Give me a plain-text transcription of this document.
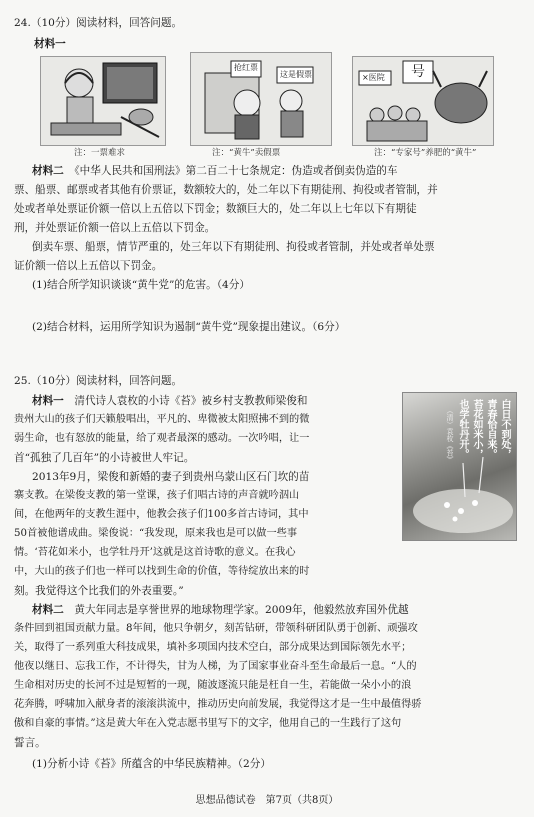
24.（10分）阅读材料，回答问题。
材料一
注：一票难求
抢红票
这是假票
注：“黄牛”卖假票
×医院 号
注：“专家号”养肥的“黄牛”
材料二　 《中华人民共和国刑法》第二百二十七条规定：伪造或者倒卖伪造的车
票、船票、邮票或者其他有价票证，数额较大的，处二年以下有期徒刑、拘役或者管制，并
处或者单处票证价额一倍以上五倍以下罚金；数额巨大的，处二年以上七年以下有期徒
刑，并处票证价额一倍以上五倍以下罚金。
倒卖车票、船票，情节严重的，处三年以下有期徒刑、拘役或者管制，并处或者单处票
证价额一倍以上五倍以下罚金。
(1)结合所学知识谈谈“黄牛党”的危害。（4分）
(2)结合材料，运用所学知识为遏制“黄牛党”现象提出建议。（6分）
25.（10分）阅读材料，回答问题。
材料一　 清代诗人袁枚的小诗《苔》被乡村支教教师梁俊和
贵州大山的孩子们天籁般唱出，平凡的、卑微被太阳照拂不到的微
弱生命，也有怒放的能量，给了观者最深的感动。一次吟唱，让一
首“孤独了几百年”的小诗被世人牢记。
2013年9月，梁俊和新婚的妻子到贵州乌蒙山区石门坎的苗
寨支教。在梁俊支教的第一堂课，孩子们唱古诗的声音就吟泅山
间，在他两年的支教生涯中，他教会孩子们100多首古诗词，其中
50首被他谱成曲。梁俊说：“我发现，原来我也是可以做一些事
情。‘苔花如米小，也学牡丹开’这就是这首诗歌的意义。在我心
中，大山的孩子们也一样可以找到生命的价值，等待绽放出来的时
刻。我觉得这个比我们的外表重要。”
白日不到处，
青春恰自来。
苔花如米小，
也学牡丹开。
（清）袁枚《苔》
材料二　 黄大年同志是享誉世界的地球物理学家。2009年，他毅然放弃国外优越
条件回到祖国贡献力量。8年间，他只争朝夕，刻苦钻研，带领科研团队勇于创新、顽强攻
关，取得了一系列重大科技成果，填补多项国内技术空白，部分成果达到国际领先水平；
他夜以继日、忘我工作，不计得失，甘为人梯，为了国家事业奋斗至生命最后一息。“人的
生命相对历史的长河不过是短暂的一现，随波逐流只能是枉自一生，若能做一朵小小的浪
花奔腾，呼啸加入献身者的滚滚洪流中，推动历史向前发展，我觉得这才是一生中最值得骄
傲和自豪的事情。”这是黄大年在入党志愿书里写下的文字，他用自己的一生践行了这句
誓言。
(1)分析小诗《苔》所蕴含的中华民族精神。（2分）
思想品德试卷　第7页（共8页）
